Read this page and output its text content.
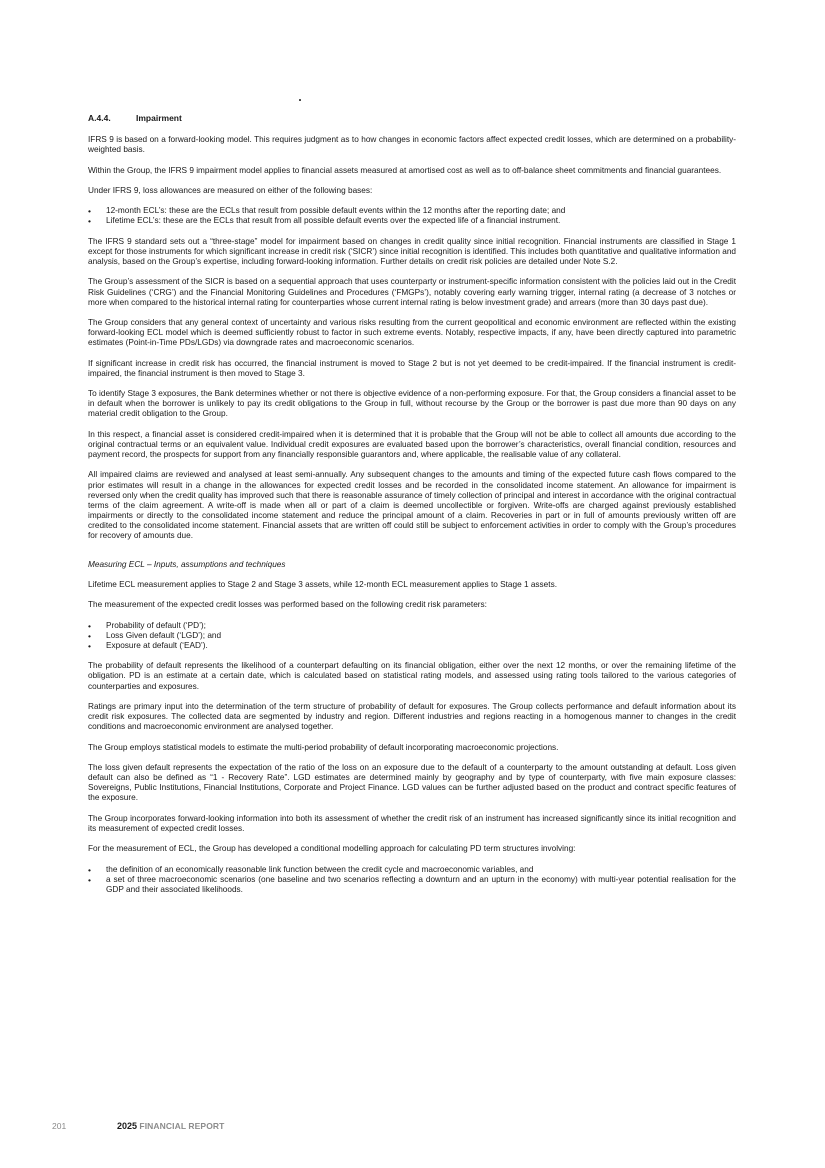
A.4.4.	Impairment

IFRS 9 is based on a forward-looking model. This requires judgment as to how changes in economic factors affect expected credit losses, which are determined on a probability-weighted basis.

Within the Group, the IFRS 9 impairment model applies to financial assets measured at amortised cost as well as to off-balance sheet commitments and financial guarantees.

Under IFRS 9, loss allowances are measured on either of the following bases:

• 12-month ECL’s: these are the ECLs that result from possible default events within the 12 months after the reporting date; and
• Lifetime ECL’s: these are the ECLs that result from all possible default events over the expected life of a financial instrument.

The IFRS 9 standard sets out a “three-stage” model for impairment based on changes in credit quality since initial recognition. Financial instruments are classified in Stage 1 except for those instruments for which significant increase in credit risk (‘SICR’) since initial recognition is identified. This includes both quantitative and qualitative information and analysis, based on the Group’s expertise, including forward-looking information. Further details on credit risk policies are detailed under Note S.2.

The Group’s assessment of the SICR is based on a sequential approach that uses counterparty or instrument-specific information consistent with the policies laid out in the Credit Risk Guidelines (‘CRG’) and the Financial Monitoring Guidelines and Procedures (‘FMGPs’), notably covering early warning trigger, internal rating (a decrease of 3 notches or more when compared to the historical internal rating for counterparties whose current internal rating is below investment grade) and arrears (more than 30 days past due).

The Group considers that any general context of uncertainty and various risks resulting from the current geopolitical and economic environment are reflected within the existing forward-looking ECL model which is deemed sufficiently robust to factor in such extreme events. Notably, respective impacts, if any, have been directly captured into parametric estimates (Point-in-Time PDs/LGDs) via downgrade rates and macroeconomic scenarios.

If significant increase in credit risk has occurred, the financial instrument is moved to Stage 2 but is not yet deemed to be credit-impaired. If the financial instrument is credit-impaired, the financial instrument is then moved to Stage 3.

To identify Stage 3 exposures, the Bank determines whether or not there is objective evidence of a non-performing exposure. For that, the Group considers a financial asset to be in default when the borrower is unlikely to pay its credit obligations to the Group in full, without recourse by the Group or the borrower is past due more than 90 days on any material credit obligation to the Group.

In this respect, a financial asset is considered credit-impaired when it is determined that it is probable that the Group will not be able to collect all amounts due according to the original contractual terms or an equivalent value. Individual credit exposures are evaluated based upon the borrower’s characteristics, overall financial condition, resources and payment record, the prospects for support from any financially responsible guarantors and, where applicable, the realisable value of any collateral.

All impaired claims are reviewed and analysed at least semi-annually. Any subsequent changes to the amounts and timing of the expected future cash flows compared to the prior estimates will result in a change in the allowances for expected credit losses and be recorded in the consolidated income statement. An allowance for impairment is reversed only when the credit quality has improved such that there is reasonable assurance of timely collection of principal and interest in accordance with the original contractual terms of the claim agreement. A write-off is made when all or part of a claim is deemed uncollectible or forgiven. Write-offs are charged against previously established impairments or directly to the consolidated income statement and reduce the principal amount of a claim. Recoveries in part or in full of amounts previously written off are credited to the consolidated income statement. Financial assets that are written off could still be subject to enforcement activities in order to comply with the Group’s procedures for recovery of amounts due.

Measuring ECL – Inputs, assumptions and techniques

Lifetime ECL measurement applies to Stage 2 and Stage 3 assets, while 12-month ECL measurement applies to Stage 1 assets.

The measurement of the expected credit losses was performed based on the following credit risk parameters:

• Probability of default (‘PD’);
• Loss Given default (‘LGD’); and
• Exposure at default (‘EAD’).

The probability of default represents the likelihood of a counterpart defaulting on its financial obligation, either over the next 12 months, or over the remaining lifetime of the obligation. PD is an estimate at a certain date, which is calculated based on statistical rating models, and assessed using rating tools tailored to the various categories of counterparties and exposures.

Ratings are primary input into the determination of the term structure of probability of default for exposures. The Group collects performance and default information about its credit risk exposures. The collected data are segmented by industry and region. Different industries and regions reacting in a homogenous manner to changes in the credit conditions and macroeconomic environment are analysed together.

The Group employs statistical models to estimate the multi-period probability of default incorporating macroeconomic projections.

The loss given default represents the expectation of the ratio of the loss on an exposure due to the default of a counterparty to the amount outstanding at default. Loss given default can also be defined as “1 - Recovery Rate”. LGD estimates are determined mainly by geography and by type of counterparty, with five main exposure classes: Sovereigns, Public Institutions, Financial Institutions, Corporate and Project Finance. LGD values can be further adjusted based on the product and contract specific features of the exposure.

The Group incorporates forward-looking information into both its assessment of whether the credit risk of an instrument has increased significantly since its initial recognition and its measurement of expected credit losses.

For the measurement of ECL, the Group has developed a conditional modelling approach for calculating PD term structures involving:

• the definition of an economically reasonable link function between the credit cycle and macroeconomic variables, and
• a set of three macroeconomic scenarios (one baseline and two scenarios reflecting a downturn and an upturn in the economy) with multi-year potential realisation for the GDP and their associated likelihoods.
201	2025 FINANCIAL REPORT
